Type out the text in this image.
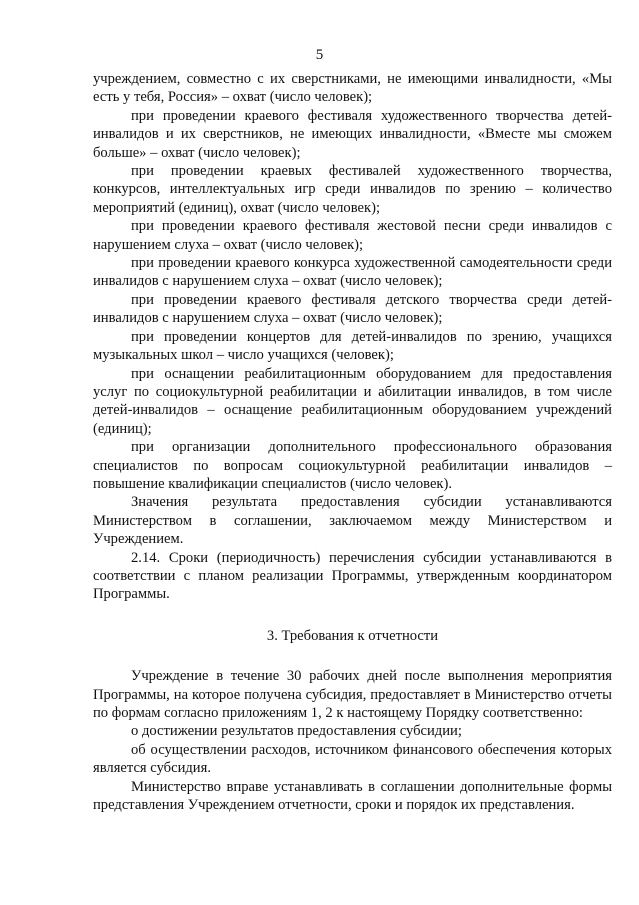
5

учреждением, совместно с их сверстниками, не имеющими инвалидности, «Мы есть у тебя, Россия» – охват (число человек);

при проведении краевого фестиваля художественного творчества детей-инвалидов и их сверстников, не имеющих инвалидности, «Вместе мы сможем больше» – охват (число человек);

при проведении краевых фестивалей художественного творчества, конкурсов, интеллектуальных игр среди инвалидов по зрению – количество мероприятий (единиц), охват (число человек);

при проведении краевого фестиваля жестовой песни среди инвалидов с нарушением слуха – охват (число человек);

при проведении краевого конкурса художественной самодеятельности среди инвалидов с нарушением слуха – охват (число человек);

при проведении краевого фестиваля детского творчества среди детей-инвалидов с нарушением слуха – охват (число человек);

при проведении концертов для детей-инвалидов по зрению, учащихся музыкальных школ – число учащихся (человек);

при оснащении реабилитационным оборудованием для предоставления услуг по социокультурной реабилитации и абилитации инвалидов, в том числе детей-инвалидов – оснащение реабилитационным оборудованием учреждений (единиц);

при организации дополнительного профессионального образования специалистов по вопросам социокультурной реабилитации инвалидов – повышение квалификации специалистов (число человек).

Значения результата предоставления субсидии устанавливаются Министерством в соглашении, заключаемом между Министерством и Учреждением.

2.14. Сроки (периодичность) перечисления субсидии устанавливаются в соответствии с планом реализации Программы, утвержденным координатором Программы.

3. Требования к отчетности

Учреждение в течение 30 рабочих дней после выполнения мероприятия Программы, на которое получена субсидия, предоставляет в Министерство отчеты по формам согласно приложениям 1, 2 к настоящему Порядку соответственно:

о достижении результатов предоставления субсидии;

об осуществлении расходов, источником финансового обеспечения которых является субсидия.

Министерство вправе устанавливать в соглашении дополнительные формы представления Учреждением отчетности, сроки и порядок их представления.
